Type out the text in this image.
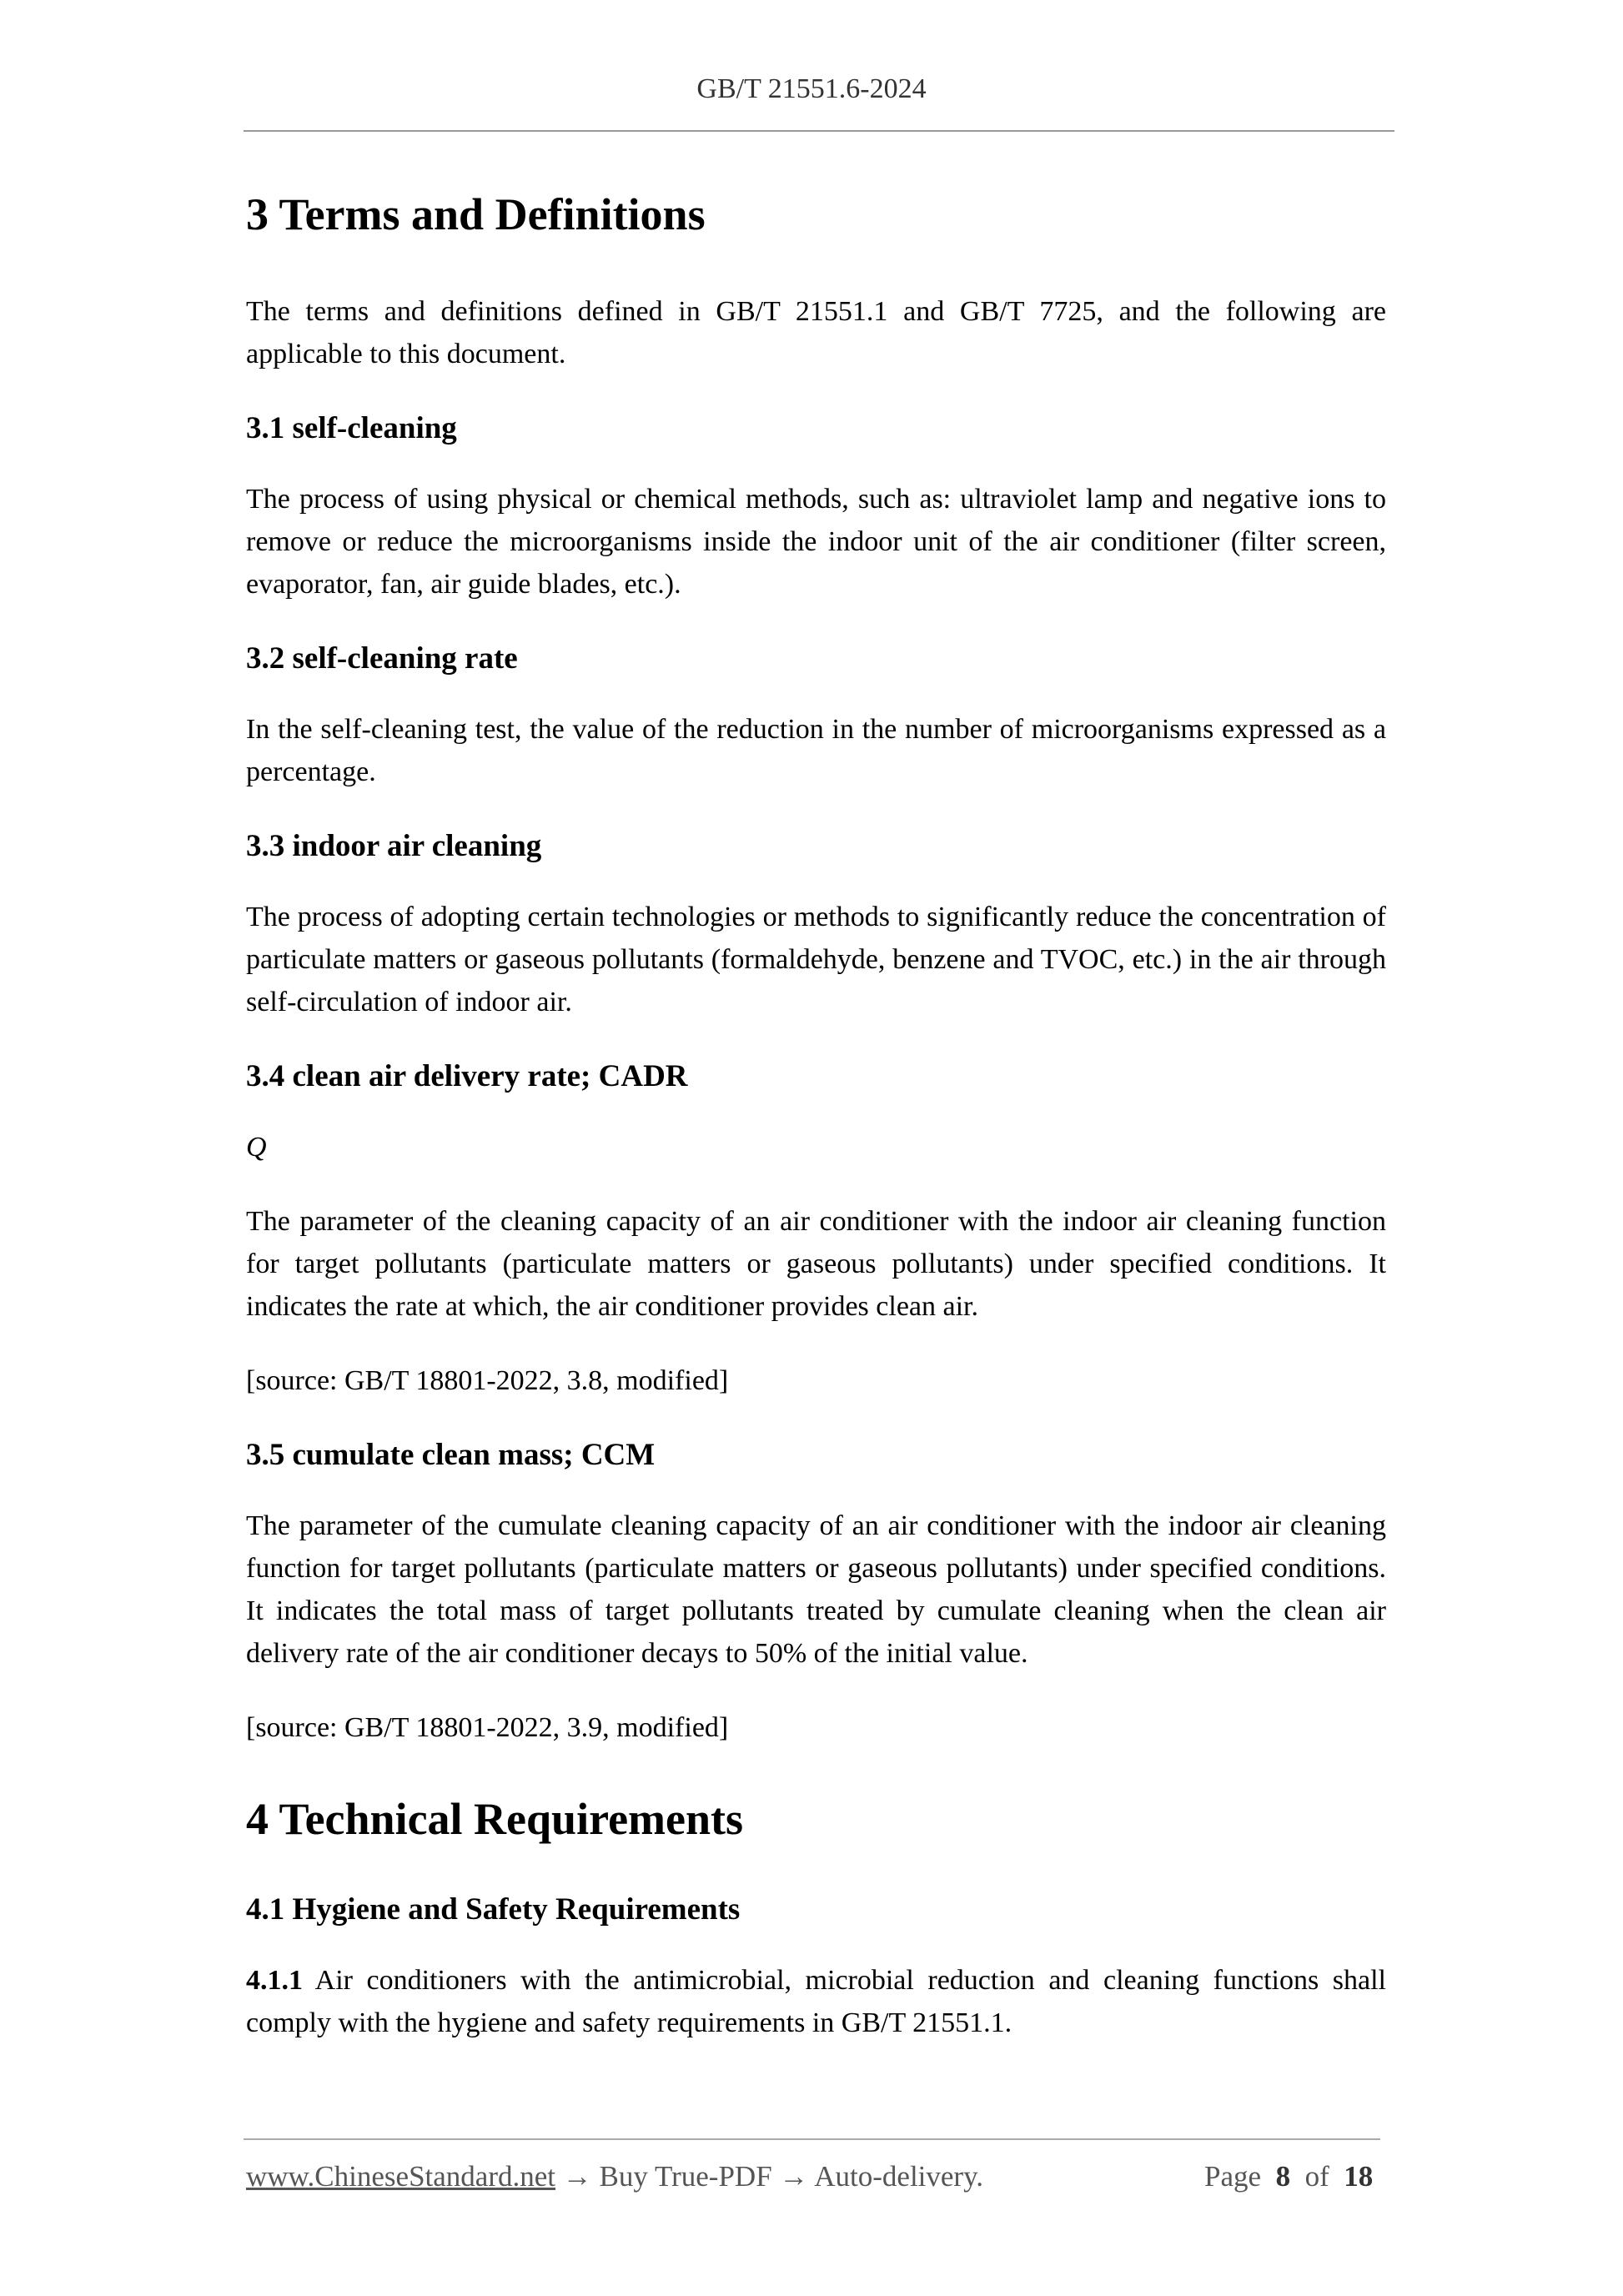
GB/T 21551.6-2024
3 Terms and Definitions

The terms and definitions defined in GB/T 21551.1 and GB/T 7725, and the following are applicable to this document.

3.1 self-cleaning

The process of using physical or chemical methods, such as: ultraviolet lamp and negative ions to remove or reduce the microorganisms inside the indoor unit of the air conditioner (filter screen, evaporator, fan, air guide blades, etc.).

3.2 self-cleaning rate

In the self-cleaning test, the value of the reduction in the number of microorganisms expressed as a percentage.

3.3 indoor air cleaning

The process of adopting certain technologies or methods to significantly reduce the concentration of particulate matters or gaseous pollutants (formaldehyde, benzene and TVOC, etc.) in the air through self-circulation of indoor air.

3.4 clean air delivery rate; CADR

Q

The parameter of the cleaning capacity of an air conditioner with the indoor air cleaning function for target pollutants (particulate matters or gaseous pollutants) under specified conditions. It indicates the rate at which, the air conditioner provides clean air.

[source: GB/T 18801-2022, 3.8, modified]

3.5 cumulate clean mass; CCM

The parameter of the cumulate cleaning capacity of an air conditioner with the indoor air cleaning function for target pollutants (particulate matters or gaseous pollutants) under specified conditions. It indicates the total mass of target pollutants treated by cumulate cleaning when the clean air delivery rate of the air conditioner decays to 50% of the initial value.

[source: GB/T 18801-2022, 3.9, modified]

4 Technical Requirements
4.1 Hygiene and Safety Requirements

4.1.1 Air conditioners with the antimicrobial, microbial reduction and cleaning functions shall comply with the hygiene and safety requirements in GB/T 21551.1.

www.ChineseStandard.net → Buy True-PDF → Auto-delivery.	Page 8 of 18
